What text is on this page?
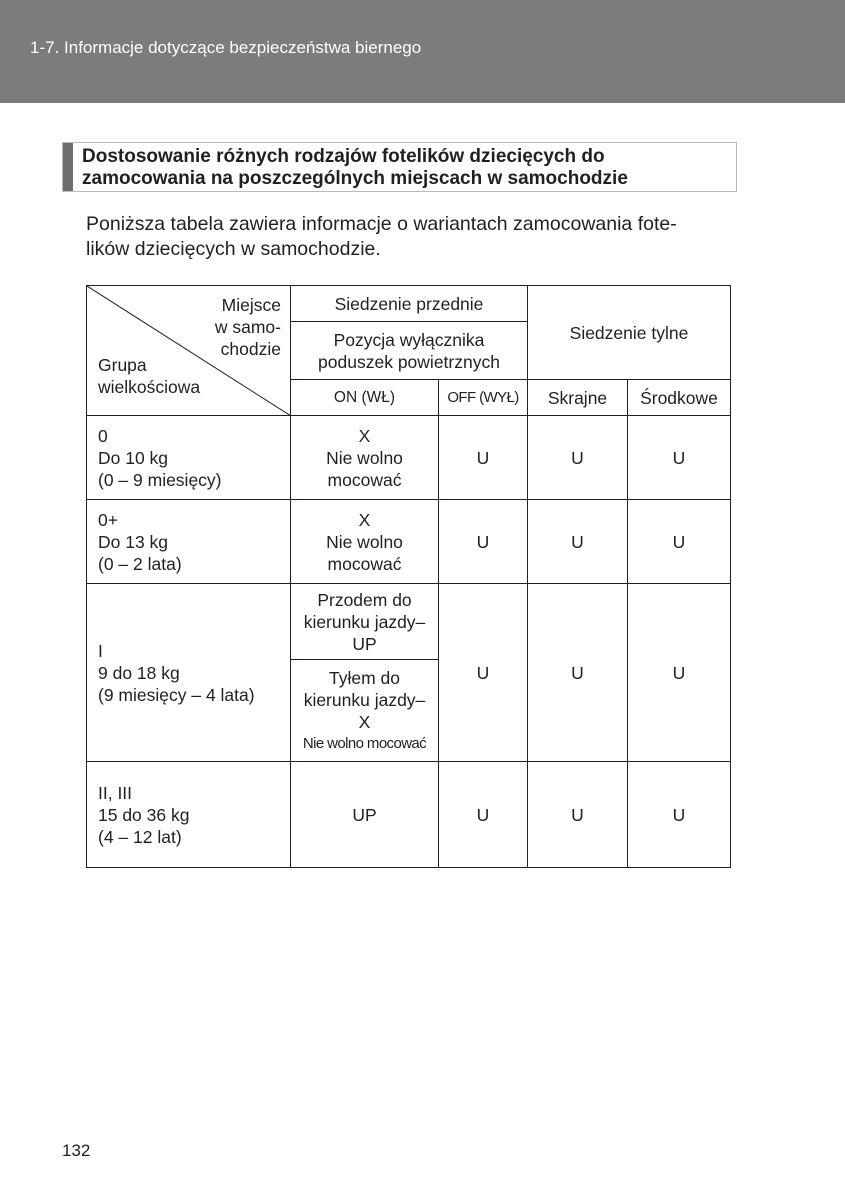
1-7. Informacje dotyczące bezpieczeństwa biernego
Dostosowanie różnych rodzajów fotelików dziecięcych do
zamocowania na poszczególnych miejscach w samochodzie
Poniższa tabela zawiera informacje o wariantach zamocowania fote-
lików dziecięcych w samochodzie.
Miejsce
w samo-
chodzie
Grupa
wielkościowa	Siedzenie przednie		Siedzenie tylne	

	Pozycja wyłącznika
poduszek powietrznych			

	ON (WŁ)	OFF (WYŁ)	Skrajne	Środkowe

0
Do 10 kg
(0 – 9 miesięcy)	X
Nie wolno
mocować	U	U	U

0+
Do 13 kg
(0 – 2 lata)	X
Nie wolno
mocować	U	U	U

I
9 do 18 kg
(9 miesięcy – 4 lata)	Przodem do
kierunku jazdy–
UP	U	U	U

	Tyłem do
kierunku jazdy–
X
Nie wolno mocować			

II, III
15 do 36 kg
(4 – 12 lat)	UP	U	U	U
132
